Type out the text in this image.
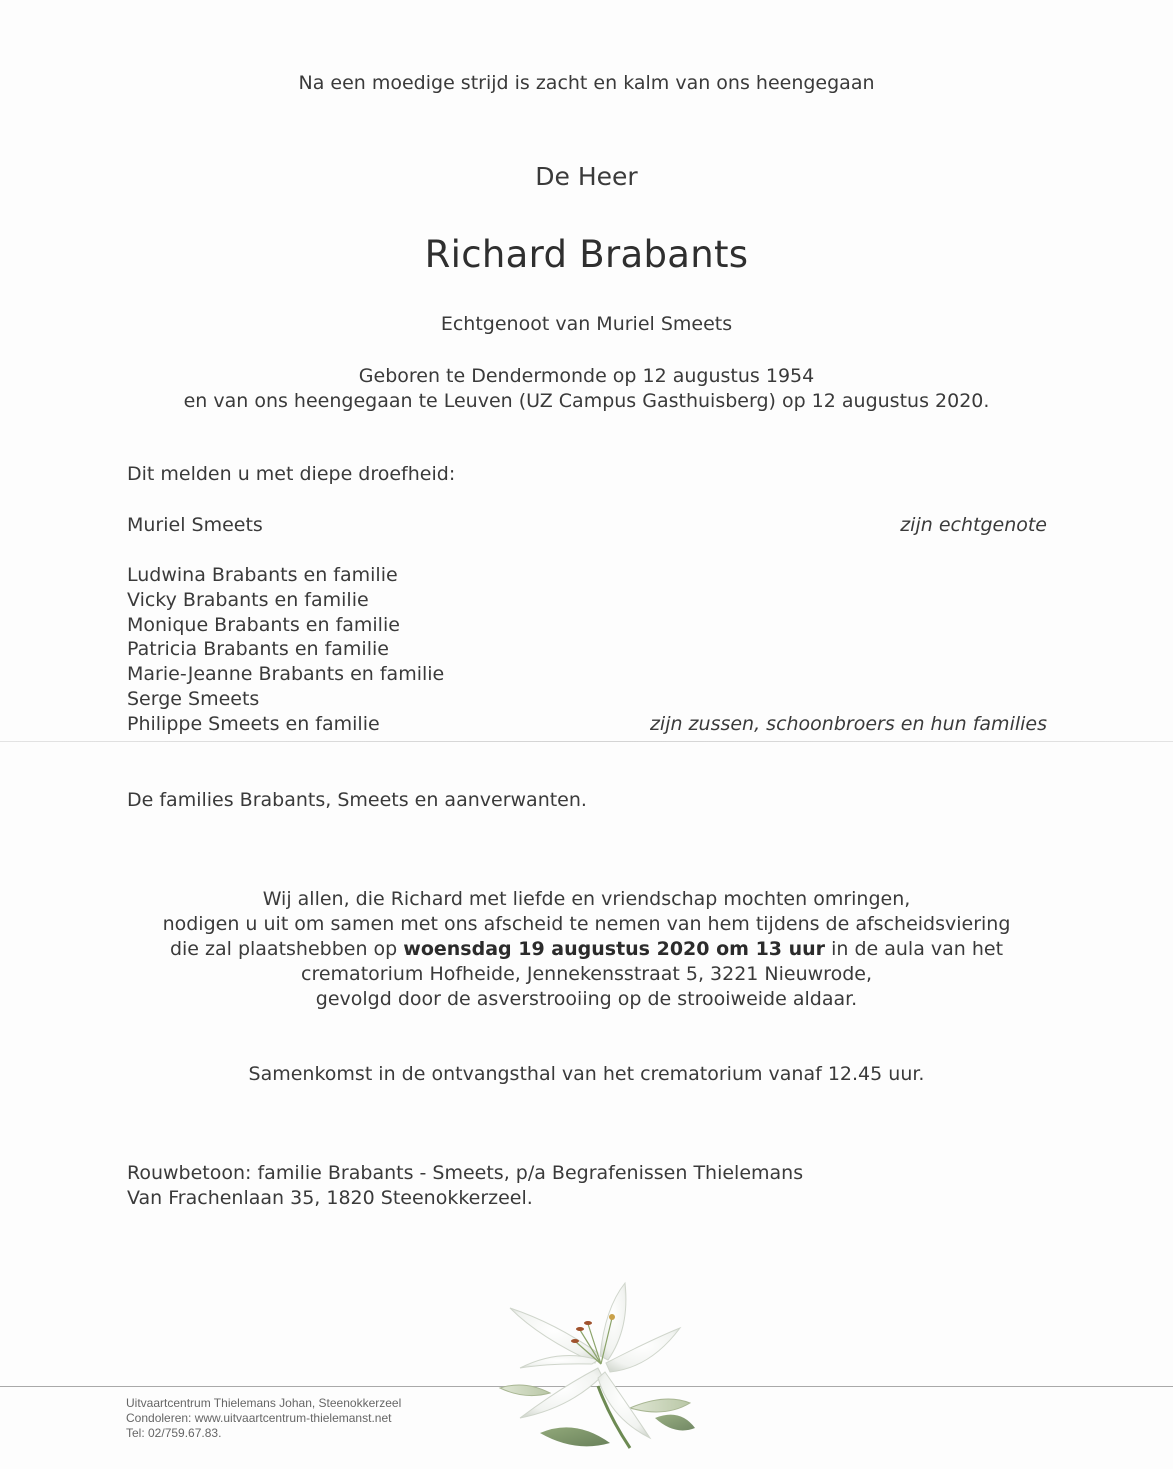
Na een moedige strijd is zacht en kalm van ons heengegaan
De Heer
Richard Brabants
Echtgenoot van Muriel Smeets
Geboren te Dendermonde op 12 augustus 1954
en van ons heengegaan te Leuven (UZ Campus Gasthuisberg) op 12 augustus 2020.
Dit melden u met diepe droefheid:
Muriel Smeets	zijn echtgenote
Ludwina Brabants en familie
Vicky Brabants en familie
Monique Brabants en familie
Patricia Brabants en familie
Marie-Jeanne Brabants en familie
Serge Smeets
Philippe Smeets en familie	zijn zussen, schoonbroers en hun families
De families Brabants, Smeets en aanverwanten.
Wij allen, die Richard met liefde en vriendschap mochten omringen,
nodigen u uit om samen met ons afscheid te nemen van hem tijdens de afscheidsviering
die zal plaatshebben op woensdag 19 augustus 2020 om 13 uur in de aula van het
crematorium Hofheide, Jennekensstraat 5, 3221 Nieuwrode,
gevolgd door de asverstrooiing op de strooiweide aldaar.
Samenkomst in de ontvangsthal van het crematorium vanaf 12.45 uur.
Rouwbetoon: familie Brabants - Smeets, p/a Begrafenissen Thielemans
Van Frachenlaan 35, 1820 Steenokkerzeel.
Uitvaartcentrum Thielemans Johan, Steenokkerzeel
Condoleren: www.uitvaartcentrum-thielemanst.net
Tel: 02/759.67.83.
